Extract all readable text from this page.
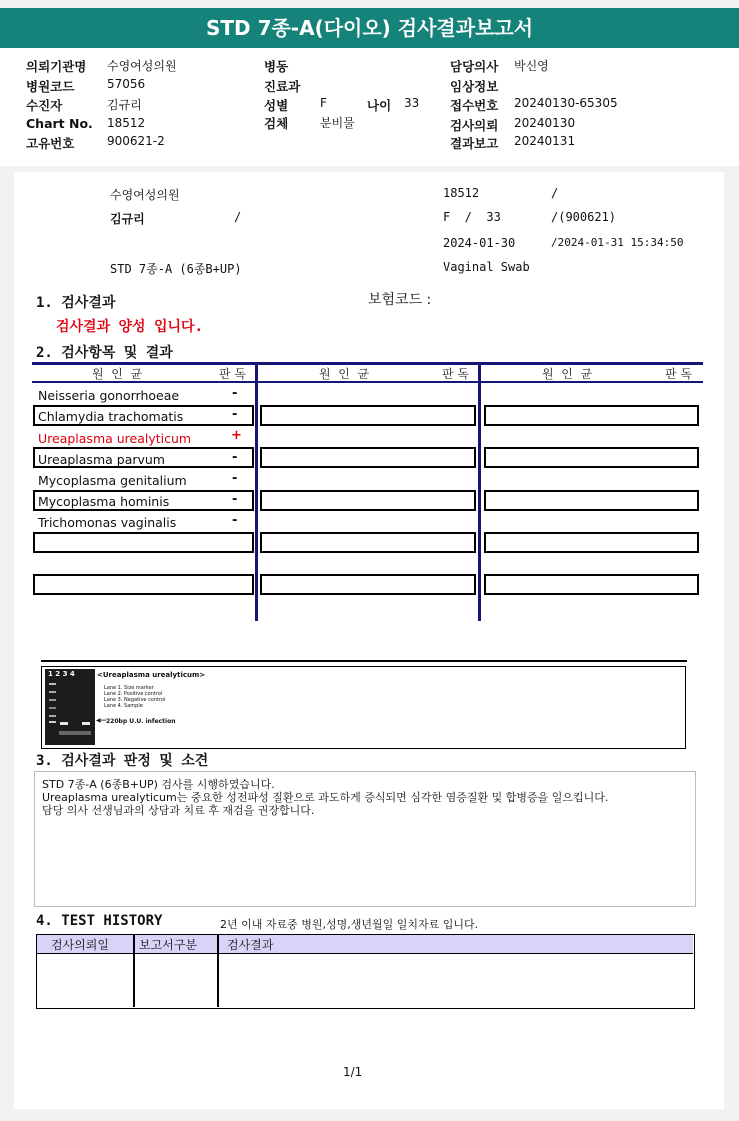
STD 7종-A(다이오) 검사결과보고서
의뢰기관명 수영여성의원
병원코드	57056
수진자	김규리
Chart No. 18512
고유번호	900621-2
병동
진료과
성별	F	나이 33
검체	분비물
담당의사 박신영
임상정보
접수번호 20240130-65305
검사의뢰 20240130
결과보고 20240131
수영여성의원	18512	/
김규리	/	F  /  33	/(900621)
2024-01-30	/2024-01-31 15:34:50
STD 7종-A (6종B+UP)	Vaginal Swab
1. 검사결과	보험코드 :
검사결과 양성 입니다.
2. 검사항목 및 결과
원  인  균	판 독	원  인  균	판 독	원  인  균	판 독
Neisseria gonorrhoeae	-
Chlamydia trachomatis	-
Ureaplasma urealyticum	+
Ureaplasma parvum	-
Mycoplasma genitalium	-
Mycoplasma hominis	-
Trichomonas vaginalis	-
1 2 3 4	<Ureaplasma urealyticum>
Lane 1. Size marker
Lane 2. Positive control
Lane 3. Negative control
Lane 4. Sample
◀— 220bp U.U. infection
3. 검사결과 판정 및 소견
STD 7종-A (6종B+UP) 검사를 시행하였습니다.
Ureaplasma urealyticum는 중요한 성전파성 질환으로 과도하게 증식되면 심각한 염증질환 및 합병증을 일으킵니다.
담당 의사 선생님과의 상담과 치료 후 재검을 권장합니다.
4. TEST HISTORY	2년 이내 자료중 병원,성명,생년월일 일치자료 입니다.
검사의뢰일	보고서구분	검사결과
1/1
